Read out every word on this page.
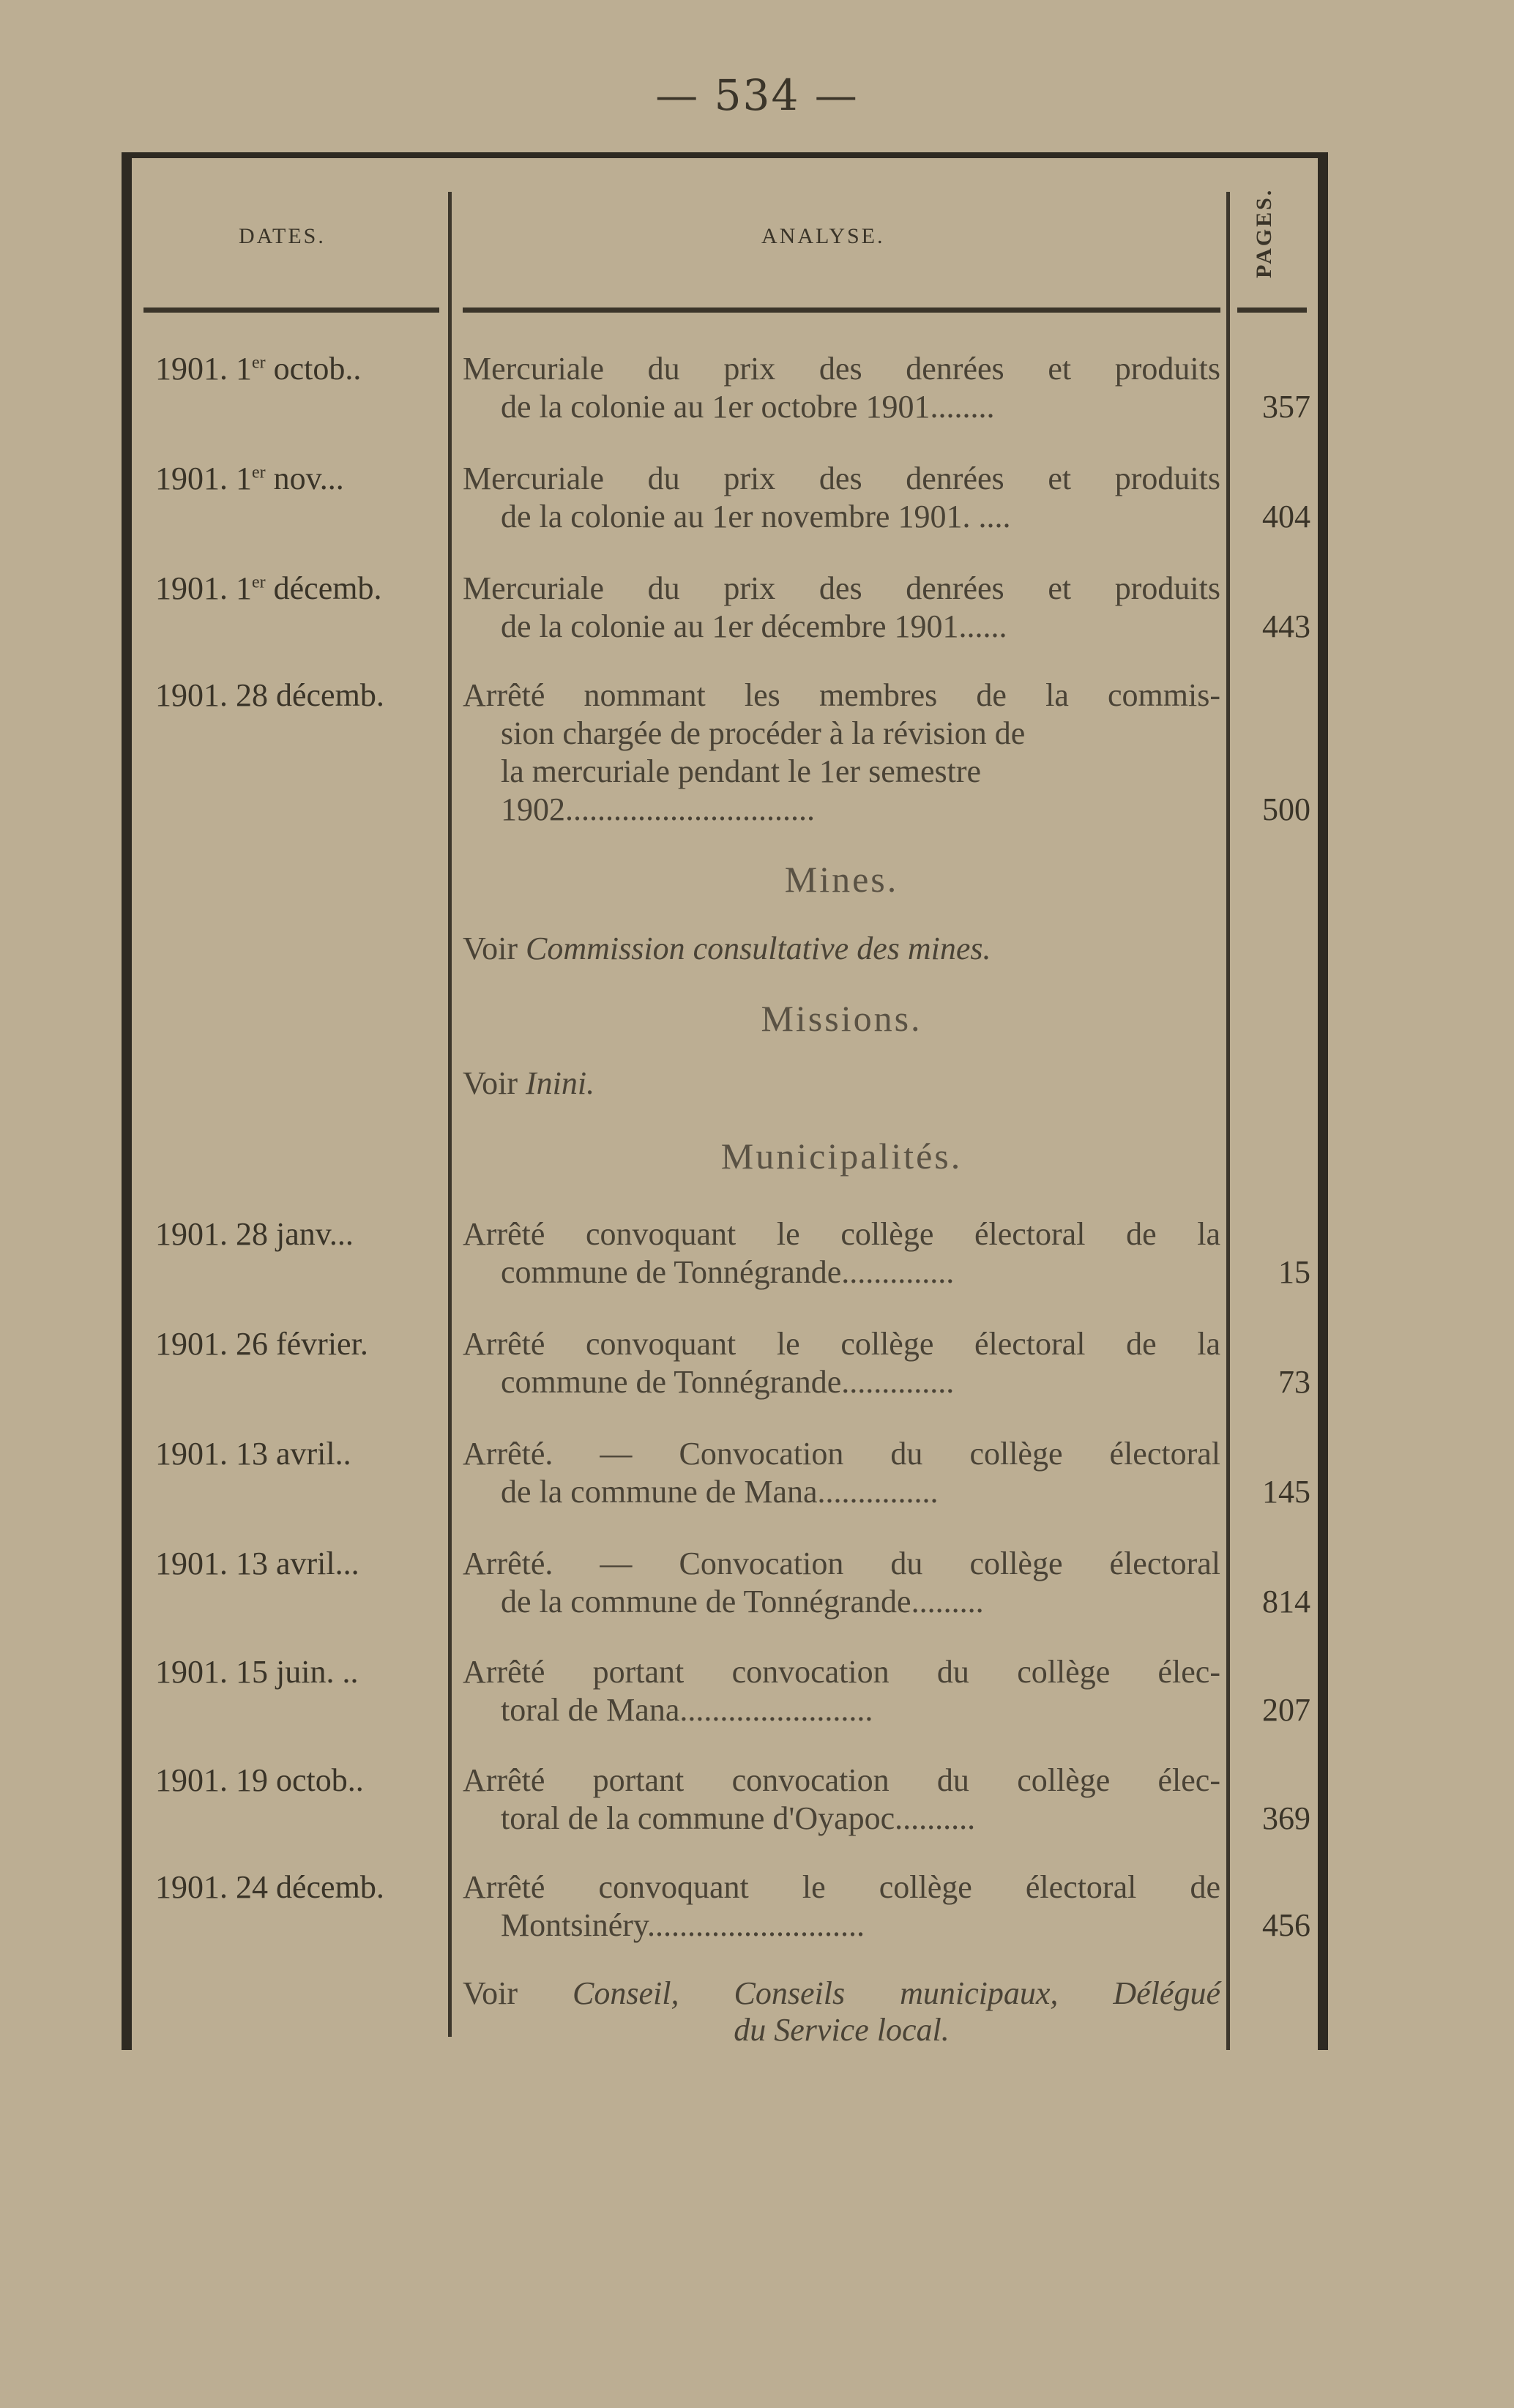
— 534 —
DATES.	ANALYSE.	PAGES.
1901. 1er octob..	Mercuriale du prix des denrées et produits
de la colonie au 1er octobre 1901........	357
1901. 1er nov...	Mercuriale du prix des denrées et produits
de la colonie au 1er novembre 1901. ....	404
1901. 1er décemb.	Mercuriale du prix des denrées et produits
de la colonie au 1er décembre 1901......	443
1901. 28 décemb.	Arrêté nommant les membres de la commis-
sion chargée de procéder à la révision de
la mercuriale pendant le 1er semestre
1902...............................	500
Mines.
Voir Commission consultative des mines.
Missions.
Voir Inini.
Municipalités.
1901. 28 janv...	Arrêté convoquant le collège électoral de la
commune de Tonnégrande..............	15
1901. 26 février.	Arrêté convoquant le collège électoral de la
commune de Tonnégrande..............	73
1901. 13 avril..	Arrêté. — Convocation du collège électoral
de la commune de Mana...............	145
1901. 13 avril...	Arrêté. — Convocation du collège électoral
de la commune de Tonnégrande.........	814
1901. 15 juin. ..	Arrêté portant convocation du collège élec-
toral de Mana........................	207
1901. 19 octob..	Arrêté portant convocation du collège élec-
toral de la commune d'Oyapoc..........	369
1901. 24 décemb.	Arrêté convoquant le collège électoral de
Montsinéry...........................	456
Voir Conseil, Conseils municipaux, Délégué
du Service local.
